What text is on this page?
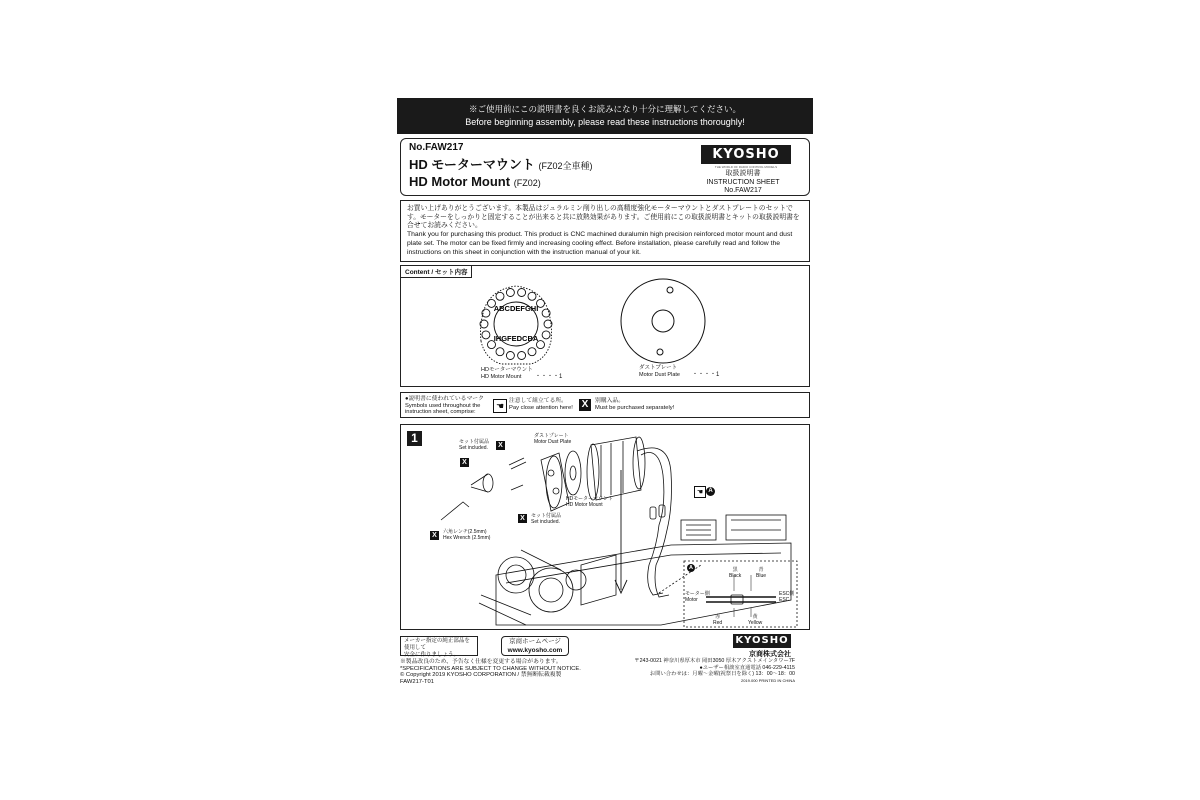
※ご使用前にこの説明書を良くお読みになり十分に理解してください。
Before beginning assembly, please read these instructions thoroughly!
No.FAW217
HD モーターマウント (FZ02全車種)
HD Motor Mount (FZ02)
KYOSHO
THE WORLD OF RADIO CONTROL MODELS
取扱説明書
INSTRUCTION SHEET
No.FAW217
お買い上げありがとうございます。本製品はジュラルミン削り出しの高精度強化モーターマウントとダストプレートのセットです。モーターをしっかりと固定することが出来ると共に放熱効果があります。ご使用前にこの取扱説明書とキットの取扱説明書を合せてお読みください。
Thank you for purchasing this product. This product is CNC machined duralumin high precision reinforced motor mount and dust plate set. The motor can be fixed firmly and increasing cooling effect. Before installation, please carefully read and follow the instructions on this sheet in conjunction with the instruction manual of your kit.
Content / セット内容
ABCDEFGHI
IHGFEDCBA
HDモーターマウント
HD Motor Mount	・・・・1
ダストプレート
Motor Dust Plate ・・・・1
●説明書に使われているマーク
Symbols used throughout the
instruction sheet, comprise:
☚ 注意して組立てる所。
Pay close attention here! X	別購入品。
Must be purchased separately!
1	セット付属品
Set included.	X
X
ダストプレート
Motor Dust Plate
HDモーターマウント
HD Motor Mount
X	セット付属品
Set included.
X	六角レンチ(2.5mm)
Hex Wrench (2.5mm)
☚ A
A	黒
Black
青
Blue
モーター側
Motor
ESC側
ESC
赤
Red
黄
Yellow
メーカー指定の純正部品を使用して
安全に作りましょう。
京商ホームページ
www.kyosho.com
※製品改良のため、予告なく仕様を変更する場合があります。
*SPECIFICATIONS ARE SUBJECT TO CHANGE WITHOUT NOTICE.
© Copyright 2019 KYOSHO CORPORATION / 禁無断転載複製
FAW217-T01
KYOSHO
京商株式会社
〒243-0021 神奈川県厚木市 岡田3050 厚木アクストメインタワー7F
●ユーザー相談室直通電話 046-229-4115
お問い合わせは：月曜～金曜(祝祭日を除く) 13：00～18：00
2019.000 PRINTED IN CHINA
